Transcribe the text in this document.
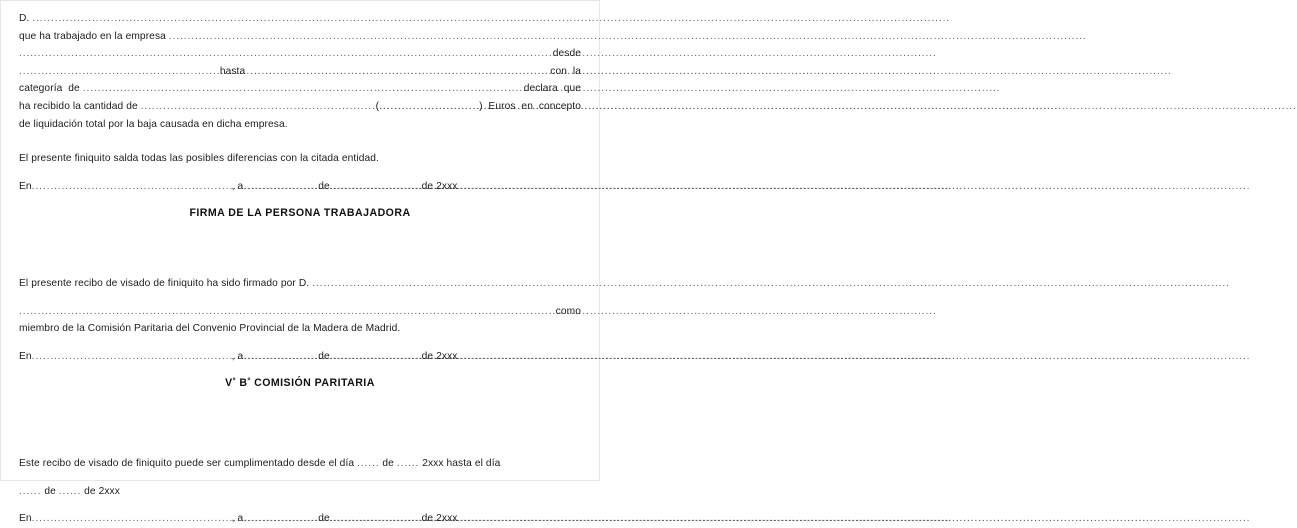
D.

.....
que ha trabajado en la empresa

.....
.....

desde
.....

hasta
.....
	con  la
categoría  de
.....
	declara  que
ha recibido la cantidad de
.....
	( .....	)  Euros  en  concepto
de liquidación total por la baja causada en dicha empresa.
El presente finiquito salda todas las posibles diferencias con la citada entidad.
En .....	, a .....	de .....	de 2xxx
FIRMA DE LA PERSONA TRABAJADORA
El presente recibo de visado de finiquito ha sido firmado por D.

.....
.....
como
miembro de la Comisión Paritaria del Convenio Provincial de la Madera de Madrid.
En .....	, a .....	de .....	de 2xxx
$V^º$ $B^º$ COMISIÓN PARITARIA
Este recibo de visado de finiquito puede ser cumplimentado desde el día ...... de ...... 2xxx hasta el día
...... de ...... de 2xxx
En .....	, a .....	de .....	de 2xxx
